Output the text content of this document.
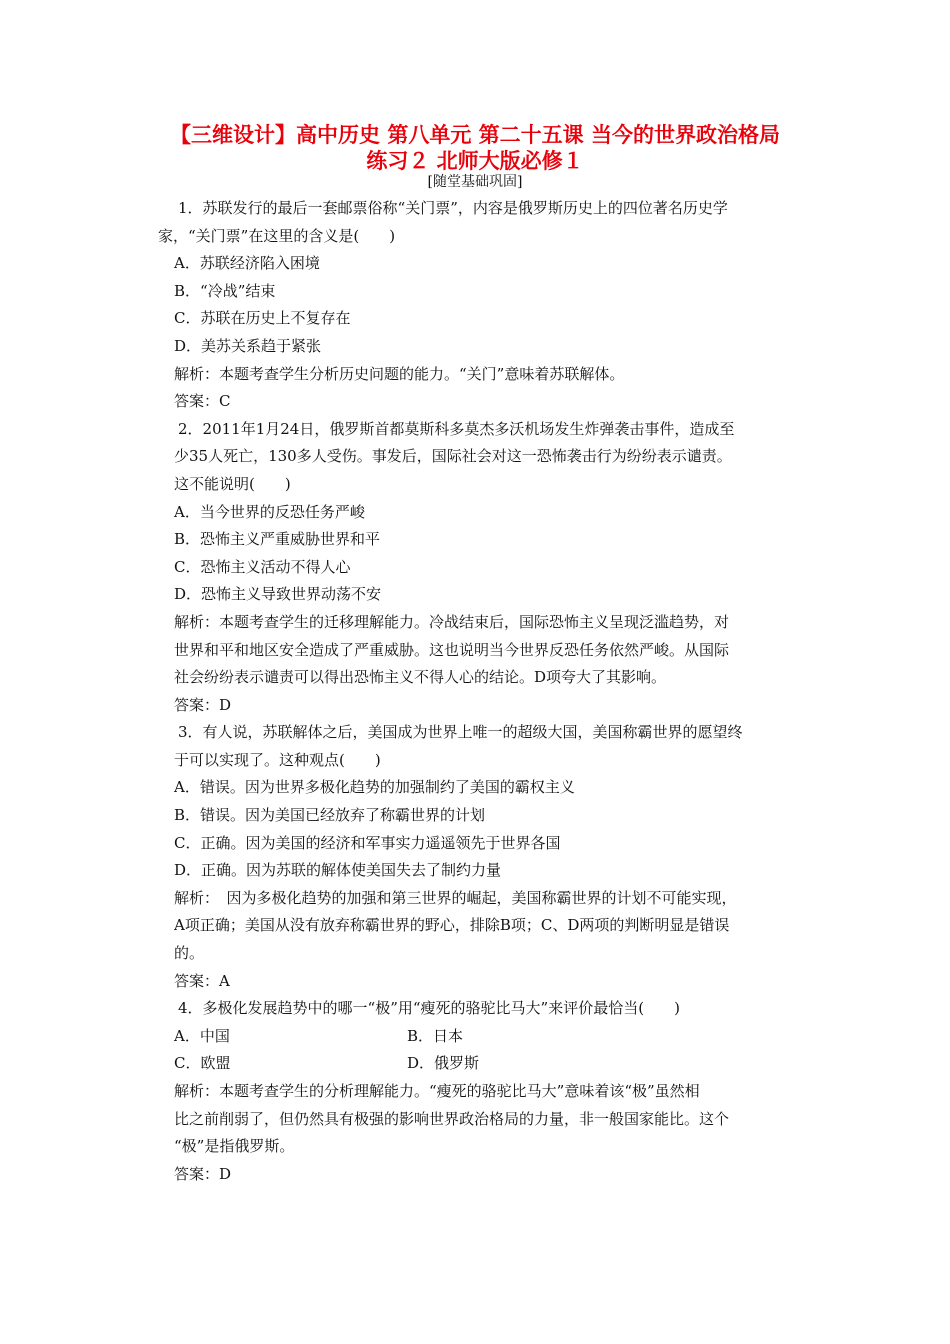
【三维设计】高中历史 第八单元 第二十五课 当今的世界政治格局
练习２ 北师大版必修１
[随堂基础巩固]

1．苏联发行的最后一套邮票俗称“关门票”，内容是俄罗斯历史上的四位著名历史学

家，“关门票”在这里的含义是(　　)

A．苏联经济陷入困境

B．“冷战”结束

C．苏联在历史上不复存在

D．美苏关系趋于紧张

解析：本题考查学生分析历史问题的能力。“关门”意味着苏联解体。

答案：C

2．2011年1月24日，俄罗斯首都莫斯科多莫杰多沃机场发生炸弹袭击事件，造成至

少35人死亡，130多人受伤。事发后，国际社会对这一恐怖袭击行为纷纷表示谴责。

这不能说明(　　)

A．当今世界的反恐任务严峻

B．恐怖主义严重威胁世界和平

C．恐怖主义活动不得人心

D．恐怖主义导致世界动荡不安

解析：本题考查学生的迁移理解能力。冷战结束后，国际恐怖主义呈现泛滥趋势，对

世界和平和地区安全造成了严重威胁。这也说明当今世界反恐任务依然严峻。从国际

社会纷纷表示谴责可以得出恐怖主义不得人心的结论。D项夸大了其影响。

答案：D

3．有人说，苏联解体之后，美国成为世界上唯一的超级大国，美国称霸世界的愿望终

于可以实现了。这种观点(　　)

A．错误。因为世界多极化趋势的加强制约了美国的霸权主义

B．错误。因为美国已经放弃了称霸世界的计划

C．正确。因为美国的经济和军事实力遥遥领先于世界各国

D．正确。因为苏联的解体使美国失去了制约力量

解析：　因为多极化趋势的加强和第三世界的崛起，美国称霸世界的计划不可能实现，

A项正确；美国从没有放弃称霸世界的野心，排除B项；C、D两项的判断明显是错误

的。

答案：A

4．多极化发展趋势中的哪一“极”用“瘦死的骆驼比马大”来评价最恰当(　　)

A．中国	B．日本
C．欧盟	D．俄罗斯

解析：本题考查学生的分析理解能力。“瘦死的骆驼比马大”意味着该“极”虽然相

比之前削弱了，但仍然具有极强的影响世界政治格局的力量，非一般国家能比。这个

“极”是指俄罗斯。

答案：D
